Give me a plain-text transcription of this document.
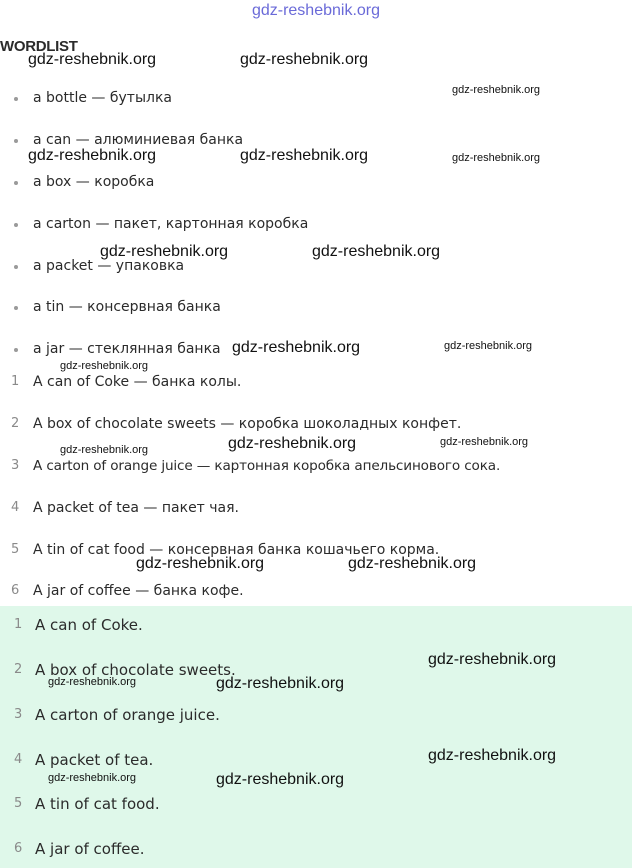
gdz-reshebnik.org
WORDLIST
a bottle — бутылка
a can — алюминиевая банка
a box — коробка
a carton — пакет, картонная коробка
a packet — упаковка
a tin — консервная банка
a jar — стеклянная банка
1 A can of Coke — банка колы.
2 A box of chocolate sweets — коробка шоколадных конфет.
3 A carton of orange juice — картонная коробка апельсинового сока.
4 A packet of tea — пакет чая.
5 A tin of cat food — консервная банка кошачьего корма.
6 A jar of coffee — банка кофе.
1 A can of Coke.
2 A box of chocolate sweets.
3 A carton of orange juice.
4 A packet of tea.
5 A tin of cat food.
6 A jar of coffee.
gdz-reshebnik.org	gdz-reshebnik.org
gdz-reshebnik.org
gdz-reshebnik.org	gdz-reshebnik.org	gdz-reshebnik.org
gdz-reshebnik.org	gdz-reshebnik.org
gdz-reshebnik.org	gdz-reshebnik.org
gdz-reshebnik.org
gdz-reshebnik.org	gdz-reshebnik.org
gdz-reshebnik.org
gdz-reshebnik.org	gdz-reshebnik.org
gdz-reshebnik.org
gdz-reshebnik.org	gdz-reshebnik.org
gdz-reshebnik.org
gdz-reshebnik.org	gdz-reshebnik.org
